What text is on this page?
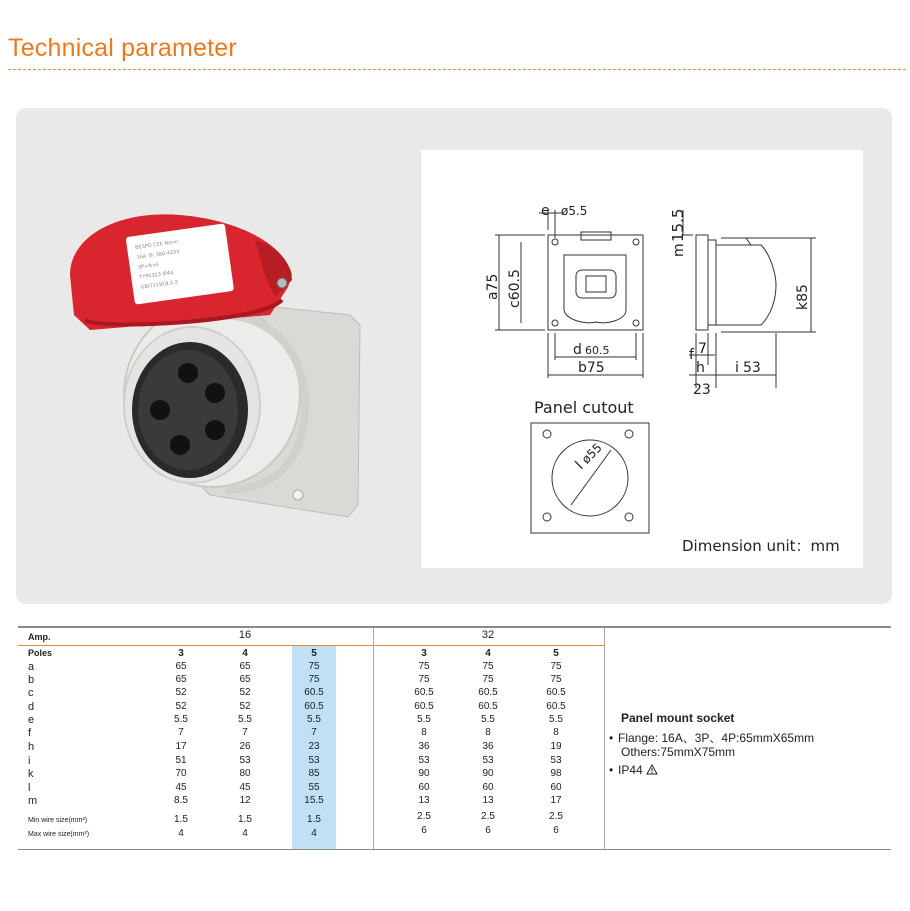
Technical parameter
BESPO CEE Norm
16A 3h 380-415V
3P+N+E
TYP6323 IP44
GB/T11918.1-2
e ø5.5
a75 c60.5
d 60.5
b75
m
15.5
k85
f 7
h
23
i 53
l
ø55
Panel cutout
Dimension unit：mm
Amp.	16	32
Poles	3	4	5	3	4	5
a	65	65	75	75	75	75
b	65	65	75	75	75	75
c	52	52	60.5	60.5	60.5	60.5
d	52	52	60.5	60.5	60.5	60.5
e	5.5	5.5	5.5	5.5	5.5	5.5
f	7	7	7	8	8	8
h	17	26	23	36	36	19
i	51	53	53	53	53	53
k	70	80	85	90	90	98
l	45	45	55	60	60	60
m	8.5	12	15.5	13	13	17
Min wire size(mm²)	1.5	1.5	1.5	2.5	2.5	2.5
Max wire size(mm²)	4	4	4	6	6	6
Panel mount socket
• Flange: 16A、3P、4P:65mmX65mm
Others:75mmX75mm
• IP44
